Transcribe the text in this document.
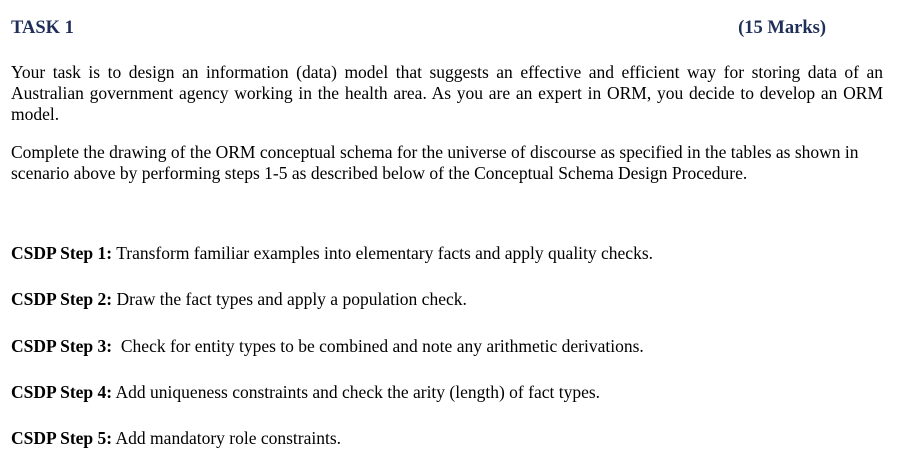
TASK 1	(15 Marks)
Your task is to design an information (data) model that suggests an effective and efficient way for storing data of an Australian government agency working in the health area. As you are an expert in ORM, you decide to develop an ORM model.
Complete the drawing of the ORM conceptual schema for the universe of discourse as specified in the tables as shown in scenario above by performing steps 1-5 as described below of the Conceptual Schema Design Procedure.
CSDP Step 1: Transform familiar examples into elementary facts and apply quality checks.
CSDP Step 2: Draw the fact types and apply a population check.
CSDP Step 3: Check for entity types to be combined and note any arithmetic derivations.
CSDP Step 4: Add uniqueness constraints and check the arity (length) of fact types.
CSDP Step 5: Add mandatory role constraints.
